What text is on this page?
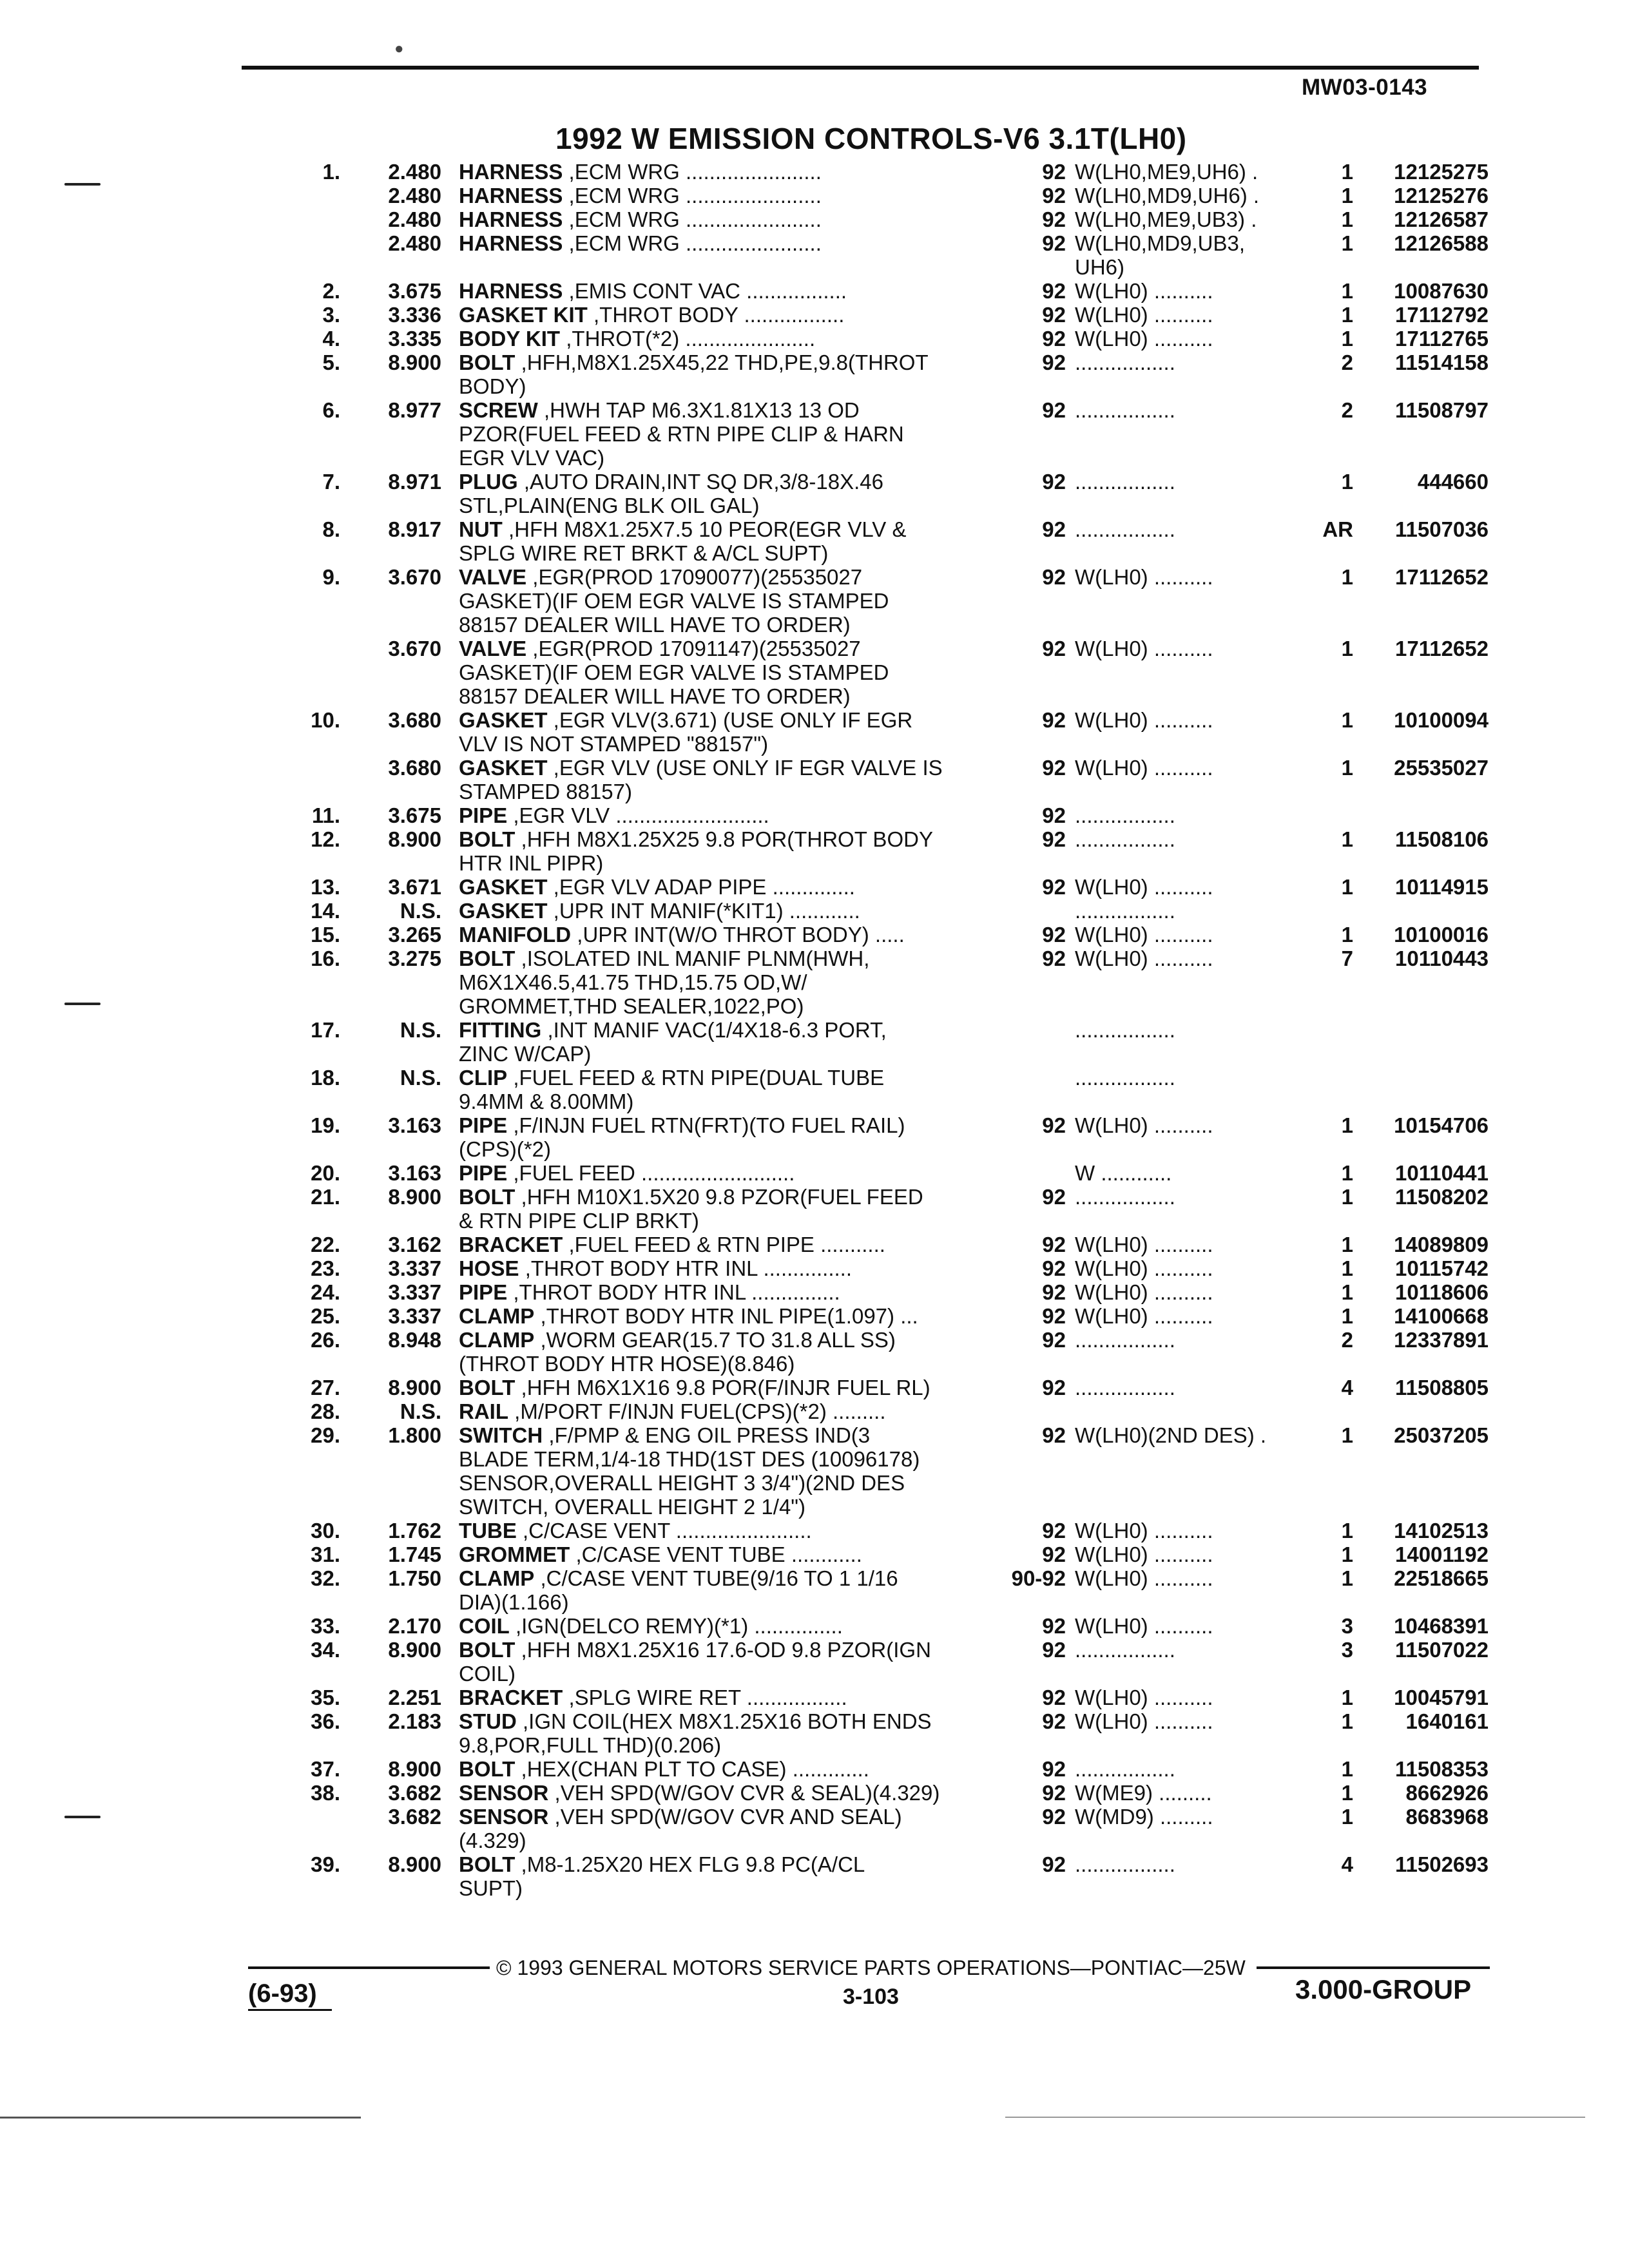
●
MW03-0143
1992 W EMISSION CONTROLS-V6 3.1T(LH0)
1. 2.480 HARNESS ,ECM WRG .......................	92 W(LH0,ME9,UH6) .	1 12125275
2.480 HARNESS ,ECM WRG .......................	92 W(LH0,MD9,UH6) .	1 12125276
2.480 HARNESS ,ECM WRG .......................	92 W(LH0,ME9,UB3) .	1 12126587
2.480 HARNESS ,ECM WRG .......................	92 W(LH0,MD9,UB3,	1 12126588
UH6)
2. 3.675 HARNESS ,EMIS CONT VAC .................	92 W(LH0) ..........	1 10087630
3. 3.336 GASKET KIT ,THROT BODY .................	92 W(LH0) ..........	1 17112792
4. 3.335 BODY KIT ,THROT(*2) ......................	92 W(LH0) ..........	1 17112765
5. 8.900 BOLT ,HFH,M8X1.25X45,22 THD,PE,9.8(THROT	92 .................	2 11514158
BODY)
6. 8.977 SCREW ,HWH TAP M6.3X1.81X13 13 OD	92 .................	2 11508797
PZOR(FUEL FEED & RTN PIPE CLIP & HARN
EGR VLV VAC)
7. 8.971 PLUG ,AUTO DRAIN,INT SQ DR,3/8-18X.46	92 .................	1	444660
STL,PLAIN(ENG BLK OIL GAL)
8. 8.917 NUT ,HFH M8X1.25X7.5 10 PEOR(EGR VLV &	92 .................	AR 11507036
SPLG WIRE RET BRKT & A/CL SUPT)
9. 3.670 VALVE ,EGR(PROD 17090077)(25535027	92 W(LH0) ..........	1 17112652
GASKET)(IF OEM EGR VALVE IS STAMPED
88157 DEALER WILL HAVE TO ORDER)
3.670 VALVE ,EGR(PROD 17091147)(25535027	92 W(LH0) ..........	1 17112652
GASKET)(IF OEM EGR VALVE IS STAMPED
88157 DEALER WILL HAVE TO ORDER)
10. 3.680 GASKET ,EGR VLV(3.671) (USE ONLY IF EGR	92 W(LH0) ..........	1 10100094
VLV IS NOT STAMPED "88157")
3.680 GASKET ,EGR VLV (USE ONLY IF EGR VALVE IS	92 W(LH0) ..........	1 25535027
STAMPED 88157)
11. 3.675 PIPE ,EGR VLV ..........................	92 .................
12. 8.900 BOLT ,HFH M8X1.25X25 9.8 POR(THROT BODY	92 .................	1 11508106
HTR INL PIPR)
13. 3.671 GASKET ,EGR VLV ADAP PIPE ..............	92 W(LH0) ..........	1 10114915
14.	N.S. GASKET ,UPR INT MANIF(*KIT1) ............	.................
15. 3.265 MANIFOLD ,UPR INT(W/O THROT BODY) .....	92 W(LH0) ..........	1 10100016
16. 3.275 BOLT ,ISOLATED INL MANIF PLNM(HWH,	92 W(LH0) ..........	7 10110443
M6X1X46.5,41.75 THD,15.75 OD,W/
GROMMET,THD SEALER,1022,PO)
17.	N.S. FITTING ,INT MANIF VAC(1/4X18-6.3 PORT,	.................
ZINC W/CAP)
18.	N.S. CLIP ,FUEL FEED & RTN PIPE(DUAL TUBE	.................
9.4MM & 8.00MM)
19. 3.163 PIPE ,F/INJN FUEL RTN(FRT)(TO FUEL RAIL)	92 W(LH0) ..........	1 10154706
(CPS)(*2)
20. 3.163 PIPE ,FUEL FEED ..........................	W ............	1 10110441
21. 8.900 BOLT ,HFH M10X1.5X20 9.8 PZOR(FUEL FEED	92 .................	1 11508202
& RTN PIPE CLIP BRKT)
22. 3.162 BRACKET ,FUEL FEED & RTN PIPE ...........	92 W(LH0) ..........	1 14089809
23. 3.337 HOSE ,THROT BODY HTR INL ...............	92 W(LH0) ..........	1 10115742
24. 3.337 PIPE ,THROT BODY HTR INL ...............	92 W(LH0) ..........	1 10118606
25. 3.337 CLAMP ,THROT BODY HTR INL PIPE(1.097) ...	92 W(LH0) ..........	1 14100668
26. 8.948 CLAMP ,WORM GEAR(15.7 TO 31.8 ALL SS)	92 .................	2 12337891
(THROT BODY HTR HOSE)(8.846)
27. 8.900 BOLT ,HFH M6X1X16 9.8 POR(F/INJR FUEL RL)	92 .................	4 11508805
28.	N.S. RAIL ,M/PORT F/INJN FUEL(CPS)(*2) .........
29. 1.800 SWITCH ,F/PMP & ENG OIL PRESS IND(3	92 W(LH0)(2ND DES) .	1 25037205
BLADE TERM,1/4-18 THD(1ST DES (10096178)
SENSOR,OVERALL HEIGHT 3 3/4")(2ND DES
SWITCH, OVERALL HEIGHT 2 1/4")
30. 1.762 TUBE ,C/CASE VENT .......................	92 W(LH0) ..........	1 14102513
31. 1.745 GROMMET ,C/CASE VENT TUBE ............	92 W(LH0) ..........	1 14001192
32. 1.750 CLAMP ,C/CASE VENT TUBE(9/16 TO 1 1/16	90-92 W(LH0) ..........	1 22518665
DIA)(1.166)
33. 2.170 COIL ,IGN(DELCO REMY)(*1) ...............	92 W(LH0) ..........	3 10468391
34. 8.900 BOLT ,HFH M8X1.25X16 17.6-OD 9.8 PZOR(IGN	92 .................	3 11507022
COIL)
35. 2.251 BRACKET ,SPLG WIRE RET .................	92 W(LH0) ..........	1 10045791
36. 2.183 STUD ,IGN COIL(HEX M8X1.25X16 BOTH ENDS	92 W(LH0) ..........	1 1640161
9.8,POR,FULL THD)(0.206)
37. 8.900 BOLT ,HEX(CHAN PLT TO CASE) .............	92 .................	1 11508353
38. 3.682 SENSOR ,VEH SPD(W/GOV CVR & SEAL)(4.329)	92 W(ME9) .........	1 8662926
3.682 SENSOR ,VEH SPD(W/GOV CVR AND SEAL)	92 W(MD9) .........	1 8683968
(4.329)
39. 8.900 BOLT ,M8-1.25X20 HEX FLG 9.8 PC(A/CL	92 .................	4 11502693
SUPT)
© 1993 GENERAL MOTORS SERVICE PARTS OPERATIONS—PONTIAC—25W
(6-93)	3-103	3.000-GROUP
